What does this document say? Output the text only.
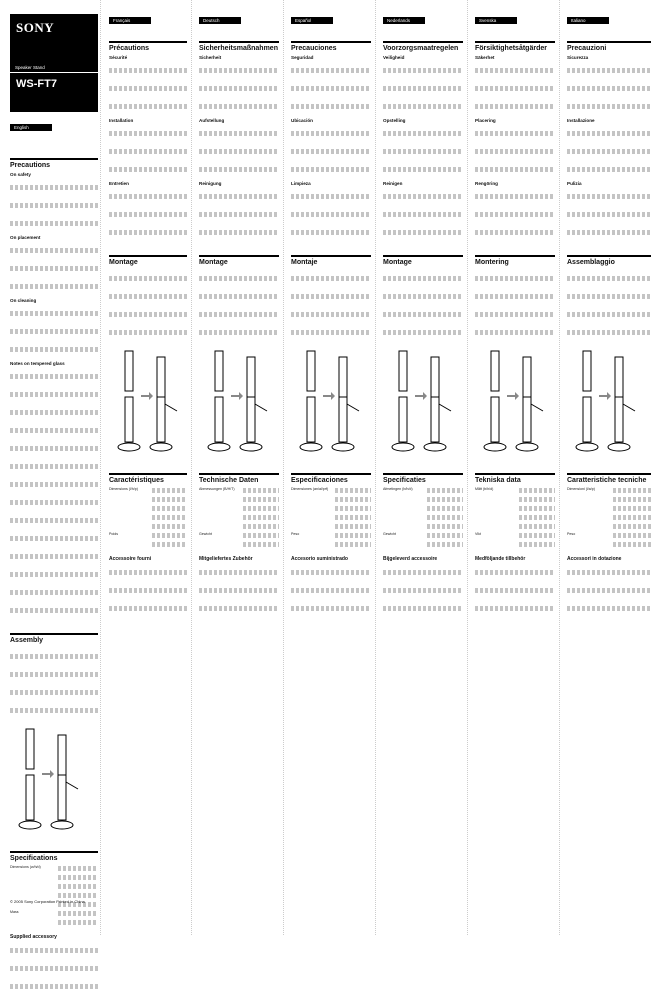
SONY
Speaker Stand
WS-FT7
English
Precautions
On safety
On placement
On cleaning
Notes on tempered glass
Assembly
Specifications
Dimensions (w/h/d)	
Mass	
Supplied accessory
Français
Précautions
Sécurité
Installation
Entretien
Montage
Caractéristiques
Dimensions (l/h/p)	
Poids	
Accessoire fourni
Deutsch
Sicherheitsmaßnahmen
Sicherheit
Aufstellung
Reinigung
Montage
Technische Daten
Abmessungen (B/H/T)	
Gewicht	
Mitgeliefertes Zubehör
Español
Precauciones
Seguridad
Ubicación
Limpieza
Montaje
Especificaciones
Dimensiones (an/al/prf)	
Peso	
Accesorio suministrado
Nederlands
Voorzorgsmaatregelen
Veiligheid
Opstelling
Reinigen
Montage
Specificaties
Afmetingen (b/h/d)	
Gewicht	
Bijgeleverd accessoire
Svenska
Försiktighetsåtgärder
Säkerhet
Placering
Rengöring
Montering
Tekniska data
Mått (b/h/d)	
Vikt	
Medföljande tillbehör
Italiano
Precauzioni
Sicurezza
Installazione
Pulizia
Assemblaggio
Caratteristiche tecniche
Dimensioni (l/a/p)	
Peso	
Accessori in dotazione
© 2005 Sony Corporation Printed in China
